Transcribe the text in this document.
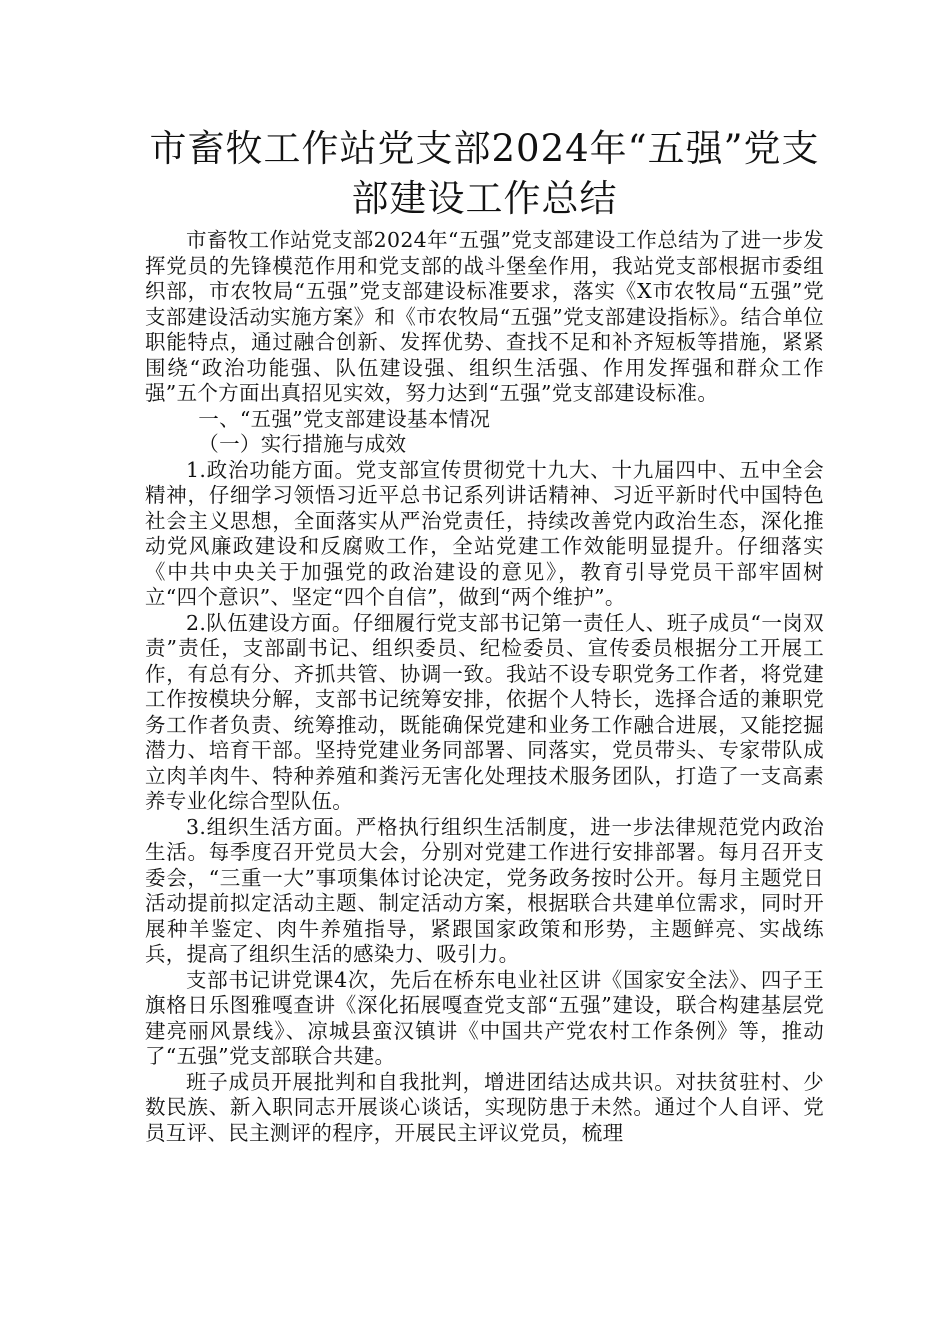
市畜牧工作站党支部2024年“五强”党支
部建设工作总结

市畜牧工作站党支部2024年“五强”党支部建设工作总结为了进一步发挥党员的先锋模范作用和党支部的战斗堡垒作用，我站党支部根据市委组织部，市农牧局“五强”党支部建设标准要求，落实《X市农牧局“五强”党支部建设活动实施方案》和《市农牧局“五强”党支部建设指标》。结合单位职能特点，通过融合创新、发挥优势、查找不足和补齐短板等措施，紧紧围绕“政治功能强、队伍建设强、组织生活强、作用发挥强和群众工作强”五个方面出真招见实效，努力达到“五强”党支部建设标准。

一、“五强”党支部建设基本情况

（一）实行措施与成效

1.政治功能方面。党支部宣传贯彻党十九大、十九届四中、五中全会精神，仔细学习领悟习近平总书记系列讲话精神、习近平新时代中国特色社会主义思想，全面落实从严治党责任，持续改善党内政治生态，深化推动党风廉政建设和反腐败工作，全站党建工作效能明显提升。仔细落实《中共中央关于加强党的政治建设的意见》，教育引导党员干部牢固树立“四个意识”、坚定“四个自信”，做到“两个维护”。

2.队伍建设方面。仔细履行党支部书记第一责任人、班子成员“一岗双责”责任，支部副书记、组织委员、纪检委员、宣传委员根据分工开展工作，有总有分、齐抓共管、协调一致。我站不设专职党务工作者，将党建工作按模块分解，支部书记统筹安排，依据个人特长，选择合适的兼职党务工作者负责、统筹推动，既能确保党建和业务工作融合进展，又能挖掘潜力、培育干部。坚持党建业务同部署、同落实，党员带头、专家带队成立肉羊肉牛、特种养殖和粪污无害化处理技术服务团队，打造了一支高素养专业化综合型队伍。

3.组织生活方面。严格执行组织生活制度，进一步法律规范党内政治生活。每季度召开党员大会，分别对党建工作进行安排部署。每月召开支委会，“三重一大”事项集体讨论决定，党务政务按时公开。每月主题党日活动提前拟定活动主题、制定活动方案，根据联合共建单位需求，同时开展种羊鉴定、肉牛养殖指导，紧跟国家政策和形势，主题鲜亮、实战练兵，提高了组织生活的感染力、吸引力。

支部书记讲党课4次，先后在桥东电业社区讲《国家安全法》、四子王旗格日乐图雅嘎查讲《深化拓展嘎查党支部“五强”建设，联合构建基层党建亮丽风景线》、凉城县蛮汉镇讲《中国共产党农村工作条例》等，推动了“五强”党支部联合共建。

班子成员开展批判和自我批判，增进团结达成共识。对扶贫驻村、少数民族、新入职同志开展谈心谈话，实现防患于未然。通过个人自评、党员互评、民主测评的程序，开展民主评议党员，梳理
